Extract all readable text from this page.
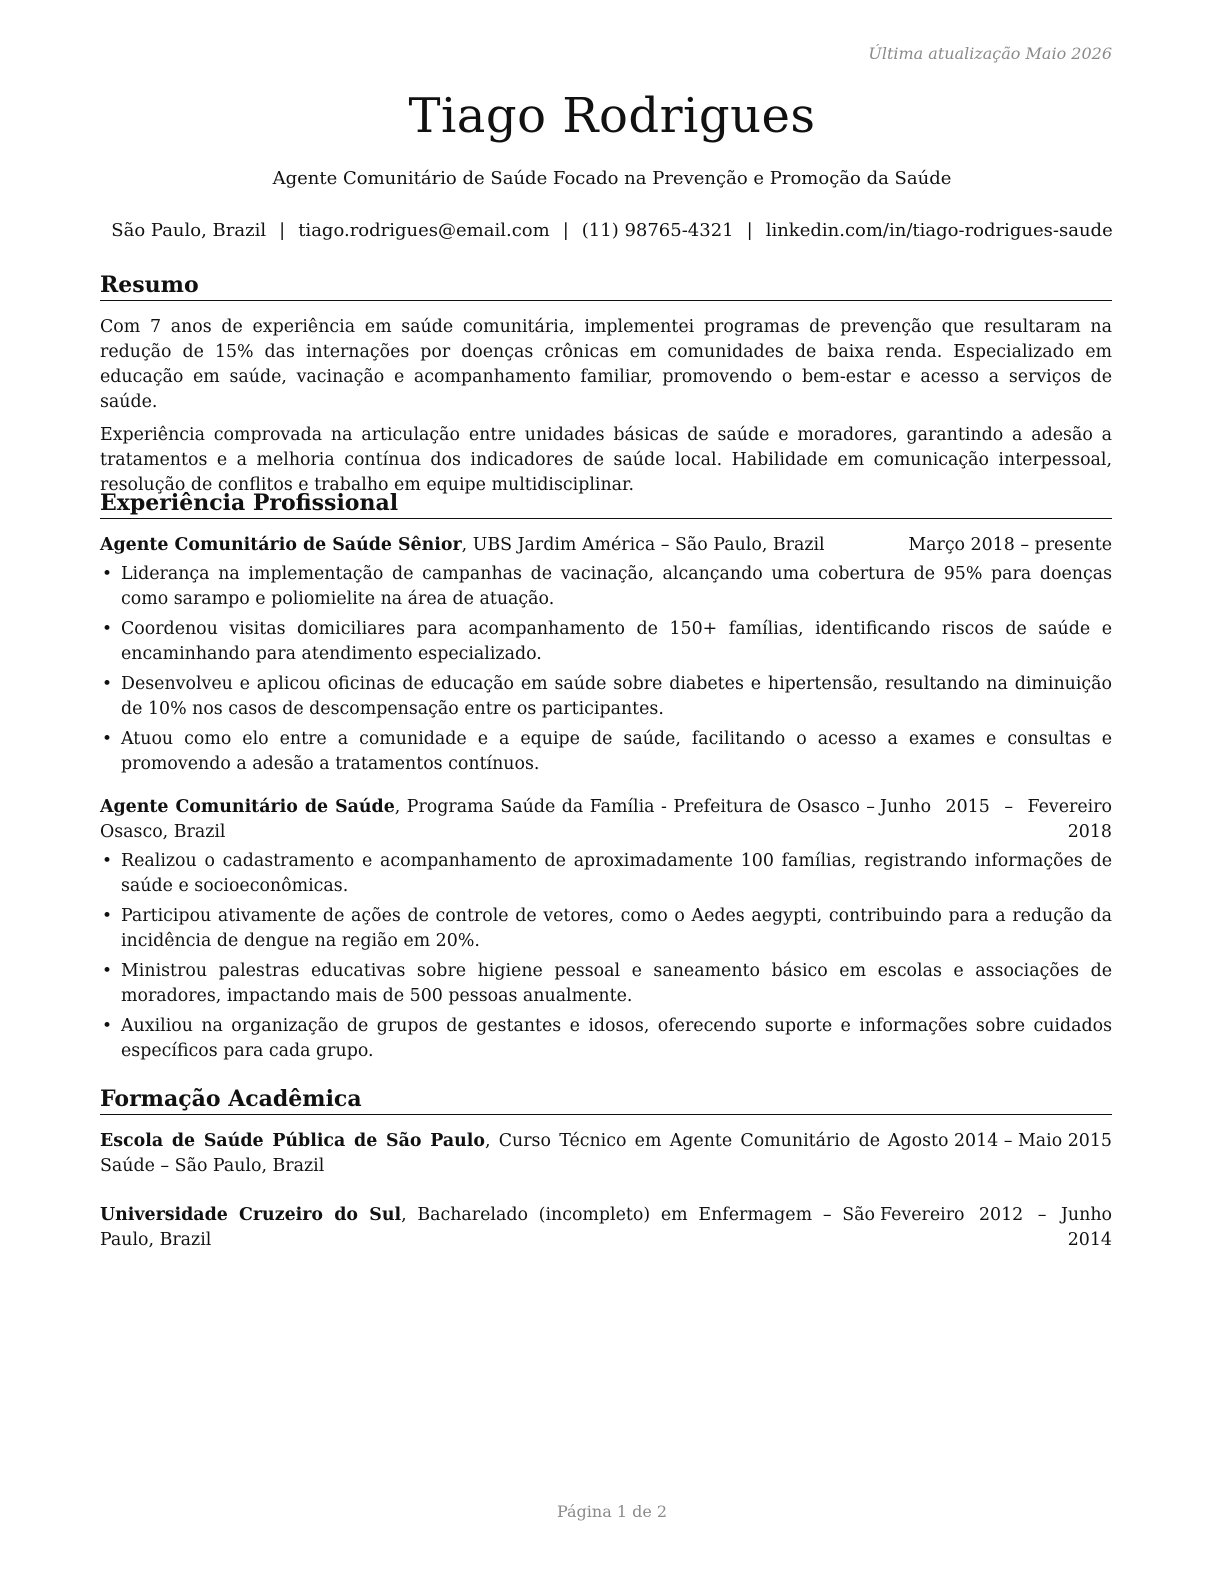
Última atualização Maio 2026
Tiago Rodrigues
Agente Comunitário de Saúde Focado na Prevenção e Promoção da Saúde
São Paulo, Brazil | tiago.rodrigues@email.com | (11) 98765-4321 | linkedin.com/in/tiago-rodrigues-saude
Resumo

Com 7 anos de experiência em saúde comunitária, implementei programas de prevenção que resultaram na redução de 15% das internações por doenças crônicas em comunidades de baixa renda. Especializado em educação em saúde, vacinação e acompanhamento familiar, promovendo o bem-estar e acesso a serviços de saúde.

Experiência comprovada na articulação entre unidades básicas de saúde e moradores, garantindo a adesão a tratamentos e a melhoria contínua dos indicadores de saúde local. Habilidade em comunicação interpessoal, resolução de conflitos e trabalho em equipe multidisciplinar.

Experiência Profissional
Agente Comunitário de Saúde Sênior, UBS Jardim América – São Paulo, Brazil	Março 2018 – presente
• Liderança na implementação de campanhas de vacinação, alcançando uma cobertura de 95% para doenças como sarampo e poliomielite na área de atuação.
• Coordenou visitas domiciliares para acompanhamento de 150+ famílias, identificando riscos de saúde e encaminhando para atendimento especializado.
• Desenvolveu e aplicou oficinas de educação em saúde sobre diabetes e hipertensão, resultando na diminuição de 10% nos casos de descompensação entre os participantes.
• Atuou como elo entre a comunidade e a equipe de saúde, facilitando o acesso a exames e consultas e promovendo a adesão a tratamentos contínuos.
Agente Comunitário de Saúde, Programa Saúde da Família - Prefeitura de Osasco – Osasco, Brazil
Junho 2015 – Fevereiro 2018
• Realizou o cadastramento e acompanhamento de aproximadamente 100 famílias, registrando informações de saúde e socioeconômicas.
• Participou ativamente de ações de controle de vetores, como o Aedes aegypti, contribuindo para a redução da incidência de dengue na região em 20%.
• Ministrou palestras educativas sobre higiene pessoal e saneamento básico em escolas e associações de moradores, impactando mais de 500 pessoas anualmente.
• Auxiliou na organização de grupos de gestantes e idosos, oferecendo suporte e informações sobre cuidados específicos para cada grupo.
Formação Acadêmica
Escola de Saúde Pública de São Paulo, Curso Técnico em Agente Comunitário de Saúde – São Paulo, Brazil
Agosto 2014 – Maio 2015
Universidade Cruzeiro do Sul, Bacharelado (incompleto) em Enfermagem – São Paulo, Brazil
Fevereiro 2012 – Junho 2014
Página 1 de 2
